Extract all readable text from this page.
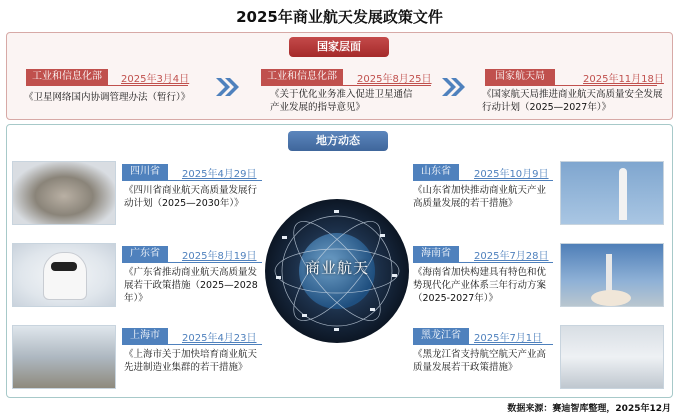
2025年商业航天发展政策文件
国家层面
工业和信息化部	2025年3月4日
《卫星网络国内协调管理办法（暂行）》
工业和信息化部	2025年8月25日
《关于优化业务准入促进卫星通信产业发展的指导意见》
国家航天局	2025年11月18日
《国家航天局推进商业航天高质量安全发展行动计划（2025—2027年）》
地方动态
四川省	2025年4月29日
《四川省商业航天高质量发展行动计划（2025—2030年）》
广东省	2025年8月19日
《广东省推动商业航天高质量发展若干政策措施（2025—2028年）》
上海市	2025年4月23日
《上海市关于加快培育商业航天先进制造业集群的若干措施》
商业航天
山东省	2025年10月9日
《山东省加快推动商业航天产业高质量发展的若干措施》
海南省	2025年7月28日
《海南省加快构建具有特色和优势现代化产业体系三年行动方案（2025-2027年）》
黑龙江省	2025年7月1日
《黑龙江省支持航空航天产业高质量发展若干政策措施》
数据来源：赛迪智库整理，2025年12月
